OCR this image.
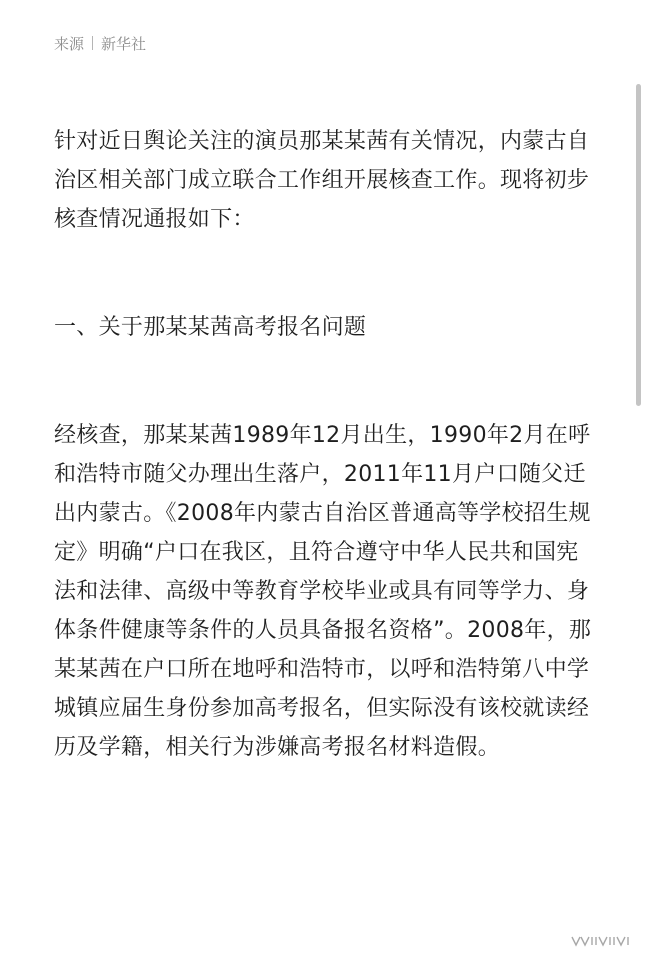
来源 新华社

针对近日舆论关注的演员那某某茜有关情况，内蒙古自治区相关部门成立联合工作组开展核查工作。现将初步核查情况通报如下：

一、关于那某某茜高考报名问题

经核查，那某某茜1989年12月出生，1990年2月在呼和浩特市随父办理出生落户，2011年11月户口随父迁出内蒙古。《2008年内蒙古自治区普通高等学校招生规定》明确“户口在我区，且符合遵守中华人民共和国宪法和法律、高级中等教育学校毕业或具有同等学力、身体条件健康等条件的人员具备报名资格”。2008年，那某某茜在户口所在地呼和浩特市，以呼和浩特第八中学城镇应届生身份参加高考报名，但实际没有该校就读经历及学籍，相关行为涉嫌高考报名材料造假。
